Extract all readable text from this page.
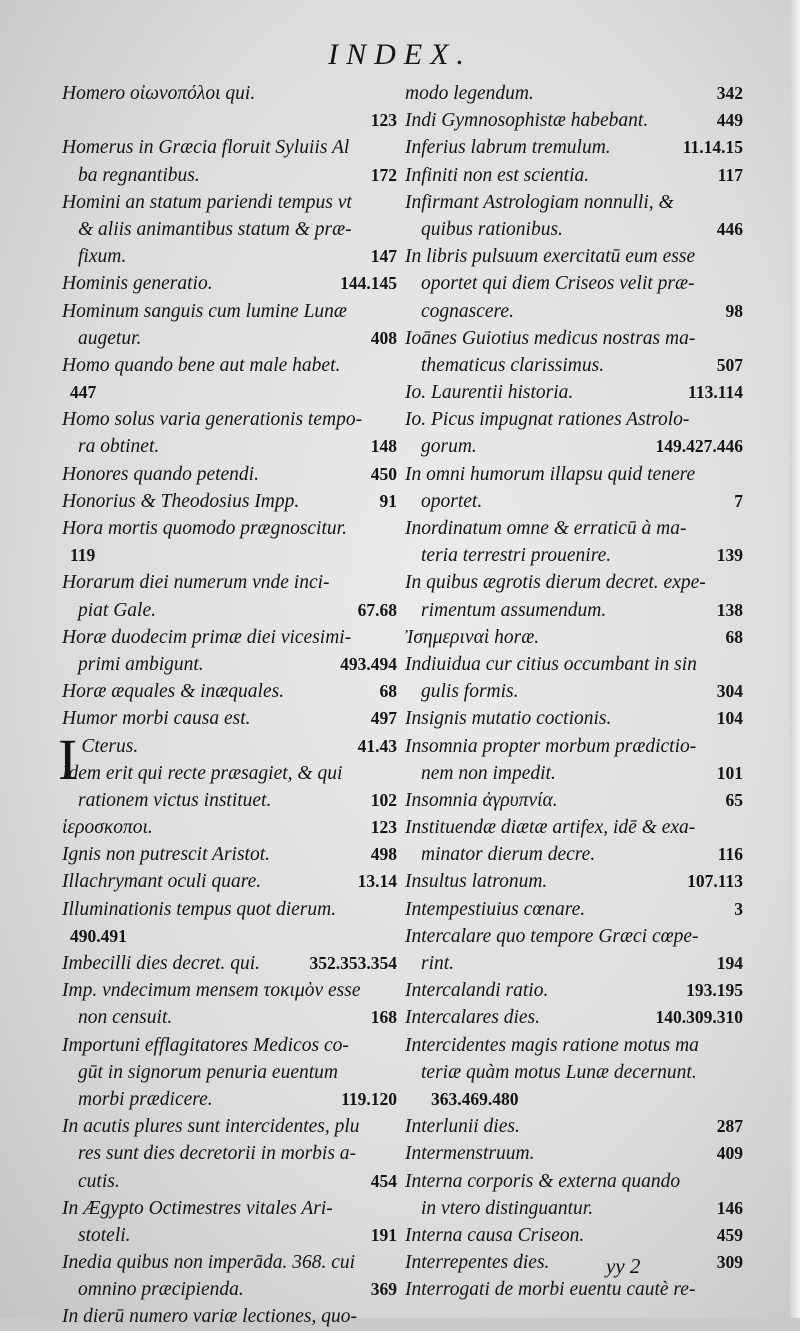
INDEX.
Homero οἰωνοπόλοι qui.
123
Homerus in Græcia floruit Syluiis Al
ba regnantibus.	172
Homini an statum pariendi tempus vt
& aliis animantibus statum & præ-
fixum.	147
Hominis generatio.	144.145
Hominum sanguis cum lumine Lunæ
augetur.	408
Homo quando bene aut male habet.
447
Homo solus varia generationis tempo-
ra obtinet.	148
Honores quando petendi.	450
Honorius & Theodosius Impp.	91
Hora mortis quomodo prægnoscitur.
119
Horarum diei numerum vnde inci-
piat Gale.	67.68
Horæ duodecim primæ diei vicesimi-
primi ambigunt.	493.494
Horæ æquales & inæquales.	68
Humor morbi causa est.	497
I Cterus.	41.43
Idem erit qui recte præsagiet, & qui
rationem victus instituet.	102
ἱεροσκοποι.	123
Ignis non putrescit Aristot.	498
Illachrymant oculi quare.	13.14
Illuminationis tempus quot dierum.
490.491
Imbecilli dies decret. qui.	352.353.354
Imp. vndecimum mensem τοκιμὸν esse
non censuit.	168
Importuni efflagitatores Medicos co-
gūt in signorum penuria euentum
morbi prædicere.	119.120
In acutis plures sunt intercidentes, plu
res sunt dies decretorii in morbis a-
cutis.	454
In Ægypto Octimestres vitales Ari-
stoteli.	191
Inedia quibus non imperāda. 368. cui
omnino præcipienda.	369
In dierū numero variæ lectiones, quo-
modo legendum.	342
Indi Gymnosophistæ habebant.	449
Inferius labrum tremulum.	11.14.15
Infiniti non est scientia.	117
Infirmant Astrologiam nonnulli, &
quibus rationibus.	446
In libris pulsuum exercitatū eum esse
oportet qui diem Criseos velit præ-
cognascere.	98
Ioānes Guiotius medicus nostras ma-
thematicus clarissimus.	507
Io. Laurentii historia.	113.114
Io. Picus impugnat rationes Astrolo-
gorum.	149.427.446
In omni humorum illapsu quid tenere
oportet.	7
Inordinatum omne & erraticū à ma-
teria terrestri prouenire.	139
In quibus ægrotis dierum decret. expe-
rimentum assumendum.	138
Ἰσημεριναὶ horæ.	68
Indiuidua cur citius occumbant in sin
gulis formis.	304
Insignis mutatio coctionis.	104
Insomnia propter morbum prædictio-
nem non impedit.	101
Insomnia ἀγρυπνία.	65
Instituendæ diætæ artifex, idē & exa-
minator dierum decre.	116
Insultus latronum.	107.113
Intempestiuius cœnare.	3
Intercalare quo tempore Græci cœpe-
rint.	194
Intercalandi ratio.	193.195
Intercalares dies.	140.309.310
Intercidentes magis ratione motus ma
teriæ quàm motus Lunæ decernunt.
363.469.480
Interlunii dies.	287
Intermenstruum.	409
Interna corporis & externa quando
in vtero distinguantur.	146
Interna causa Criseon.	459
Interrepentes dies.	309
Interrogati de morbi euentu cautè re-
yy 2
